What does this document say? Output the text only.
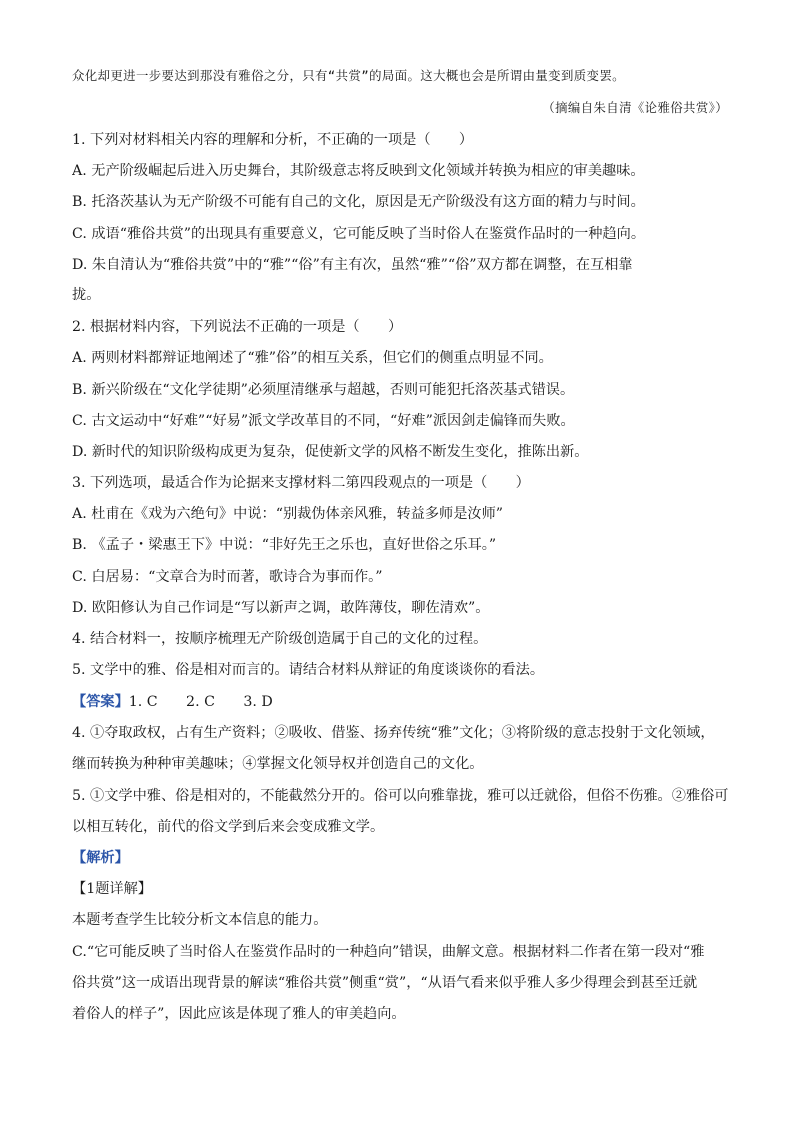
众化却更进一步要达到那没有雅俗之分，只有“共赏”的局面。这大概也会是所谓由量变到质变罢。
（摘编自朱自清《论雅俗共赏》）
1. 下列对材料相关内容的理解和分析，不正确的一项是（　　）
A. 无产阶级崛起后进入历史舞台，其阶级意志将反映到文化领域并转换为相应的审美趣味。
B. 托洛茨基认为无产阶级不可能有自己的文化，原因是无产阶级没有这方面的精力与时间。
C. 成语“雅俗共赏”的出现具有重要意义，它可能反映了当时俗人在鉴赏作品时的一种趋向。
D. 朱自清认为“雅俗共赏”中的“雅”“俗”有主有次，虽然“雅”“俗”双方都在调整，在互相靠
拢。
2. 根据材料内容，下列说法不正确的一项是（　　）
A. 两则材料都辩证地阐述了“雅”俗”的相互关系，但它们的侧重点明显不同。
B. 新兴阶级在“文化学徒期”必须厘清继承与超越，否则可能犯托洛茨基式错误。
C. 古文运动中“好难”“好易”派文学改革目的不同，“好难”派因剑走偏锋而失败。
D. 新时代的知识阶级构成更为复杂，促使新文学的风格不断发生变化，推陈出新。
3. 下列选项，最适合作为论据来支撑材料二第四段观点的一项是（　　）
A. 杜甫在《戏为六绝句》中说：“别裁伪体亲风雅，转益多师是汝师”
B. 《孟子・梁惠王下》中说：“非好先王之乐也，直好世俗之乐耳。”
C. 白居易：“文章合为时而著，歌诗合为事而作。”
D. 欧阳修认为自己作词是“写以新声之调，敢阵薄伎，聊佐清欢”。
4. 结合材料一，按顺序梳理无产阶级创造属于自己的文化的过程。
5. 文学中的雅、俗是相对而言的。请结合材料从辩证的角度谈谈你的看法。
【答案】1. C　　2. C　　3. D
4. ①夺取政权，占有生产资料；②吸收、借鉴、扬弃传统“雅”文化；③将阶级的意志投射于文化领域，
继而转换为种种审美趣味；④掌握文化领导权并创造自己的文化。
5. ①文学中雅、俗是相对的，不能截然分开的。俗可以向雅靠拢，雅可以迁就俗，但俗不伤雅。②雅俗可
以相互转化，前代的俗文学到后来会变成雅文学。
【解析】
【1题详解】
本题考查学生比较分析文本信息的能力。
C.“它可能反映了当时俗人在鉴赏作品时的一种趋向”错误，曲解文意。根据材料二作者在第一段对“雅
俗共赏”这一成语出现背景的解读“雅俗共赏”侧重“赏”，“从语气看来似乎雅人多少得理会到甚至迁就
着俗人的样子”，因此应该是体现了雅人的审美趋向。
